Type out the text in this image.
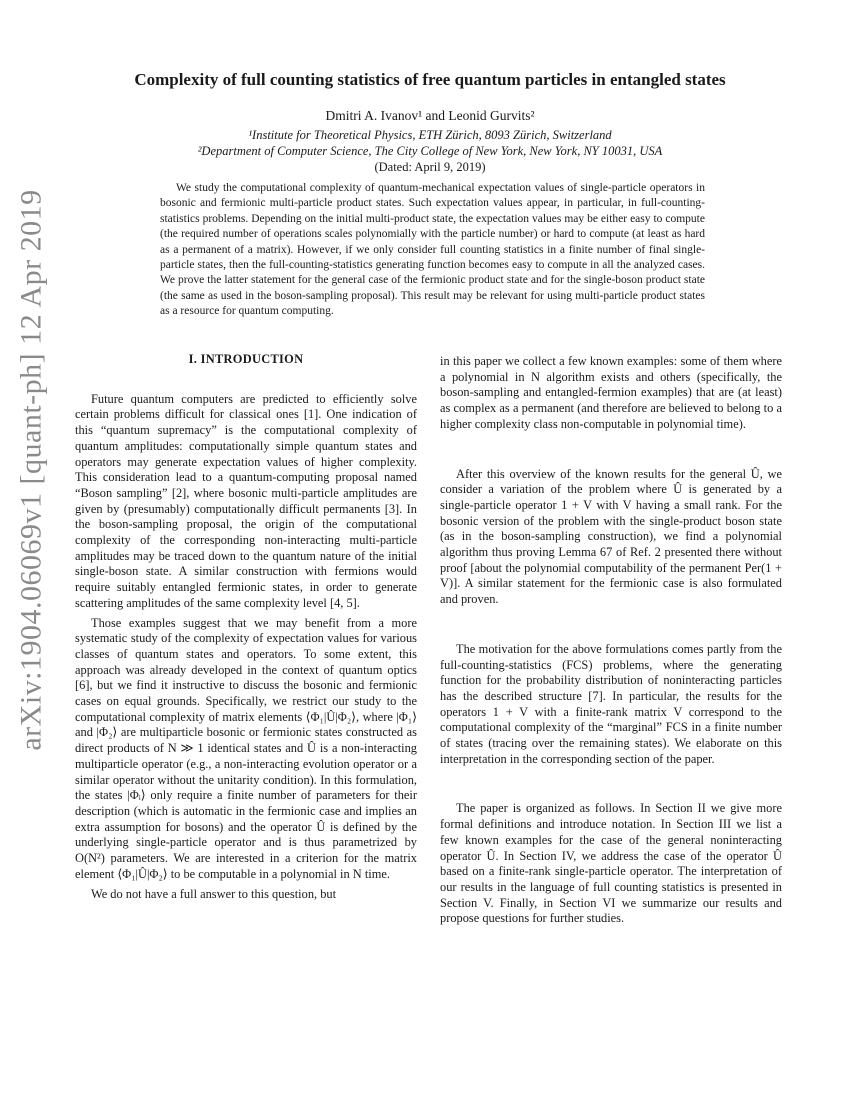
arXiv:1904.06069v1 [quant-ph] 12 Apr 2019
Complexity of full counting statistics of free quantum particles in entangled states
Dmitri A. Ivanov¹ and Leonid Gurvits²
¹Institute for Theoretical Physics, ETH Zürich, 8093 Zürich, Switzerland
²Department of Computer Science, The City College of New York, New York, NY 10031, USA
(Dated: April 9, 2019)
We study the computational complexity of quantum-mechanical expectation values of single-particle operators in bosonic and fermionic multi-particle product states. Such expectation values appear, in particular, in full-counting-statistics problems. Depending on the initial multi-product state, the expectation values may be either easy to compute (the required number of operations scales polynomially with the particle number) or hard to compute (at least as hard as a permanent of a matrix). However, if we only consider full counting statistics in a finite number of final single-particle states, then the full-counting-statistics generating function becomes easy to compute in all the analyzed cases. We prove the latter statement for the general case of the fermionic product state and for the single-boson product state (the same as used in the boson-sampling proposal). This result may be relevant for using multi-particle product states as a resource for quantum computing.
I. INTRODUCTION

Future quantum computers are predicted to efficiently solve certain problems difficult for classical ones [1]. One indication of this “quantum supremacy” is the computational complexity of quantum amplitudes: computationally simple quantum states and operators may generate expectation values of higher complexity. This consideration lead to a quantum-computing proposal named “Boson sampling” [2], where bosonic multi-particle amplitudes are given by (presumably) computationally difficult permanents [3]. In the boson-sampling proposal, the origin of the computational complexity of the corresponding non-interacting multi-particle amplitudes may be traced down to the quantum nature of the initial single-boson state. A similar construction with fermions would require suitably entangled fermionic states, in order to generate scattering amplitudes of the same complexity level [4, 5].

Those examples suggest that we may benefit from a more systematic study of the complexity of expectation values for various classes of quantum states and operators. To some extent, this approach was already developed in the context of quantum optics [6], but we find it instructive to discuss the bosonic and fermionic cases on equal grounds. Specifically, we restrict our study to the computational complexity of matrix elements ⟨Φ₁|Û|Φ₂⟩, where |Φ₁⟩ and |Φ₂⟩ are multiparticle bosonic or fermionic states constructed as direct products of N ≫ 1 identical states and Û is a non-interacting multiparticle operator (e.g., a non-interacting evolution operator or a similar operator without the unitarity condition). In this formulation, the states |Φᵢ⟩ only require a finite number of parameters for their description (which is automatic in the fermionic case and implies an extra assumption for bosons) and the operator Û is defined by the underlying single-particle operator and is thus parametrized by O(N²) parameters. We are interested in a criterion for the matrix element ⟨Φ₁|Û|Φ₂⟩ to be computable in a polynomial in N time.

We do not have a full answer to this question, but

in this paper we collect a few known examples: some of them where a polynomial in N algorithm exists and others (specifically, the boson-sampling and entangled-fermion examples) that are (at least) as complex as a permanent (and therefore are believed to belong to a higher complexity class non-computable in polynomial time).

After this overview of the known results for the general Û, we consider a variation of the problem where Û is generated by a single-particle operator 1 + V with V having a small rank. For the bosonic version of the problem with the single-product boson state (as in the boson-sampling construction), we find a polynomial algorithm thus proving Lemma 67 of Ref. 2 presented there without proof [about the polynomial computability of the permanent Per(1 + V)]. A similar statement for the fermionic case is also formulated and proven.

The motivation for the above formulations comes partly from the full-counting-statistics (FCS) problems, where the generating function for the probability distribution of noninteracting particles has the described structure [7]. In particular, the results for the operators 1 + V with a finite-rank matrix V correspond to the computational complexity of the “marginal” FCS in a finite number of states (tracing over the remaining states). We elaborate on this interpretation in the corresponding section of the paper.

The paper is organized as follows. In Section II we give more formal definitions and introduce notation. In Section III we list a few known examples for the case of the general noninteracting operator Û. In Section IV, we address the case of the operator Û based on a finite-rank single-particle operator. The interpretation of our results in the language of full counting statistics is presented in Section V. Finally, in Section VI we summarize our results and propose questions for further studies.
